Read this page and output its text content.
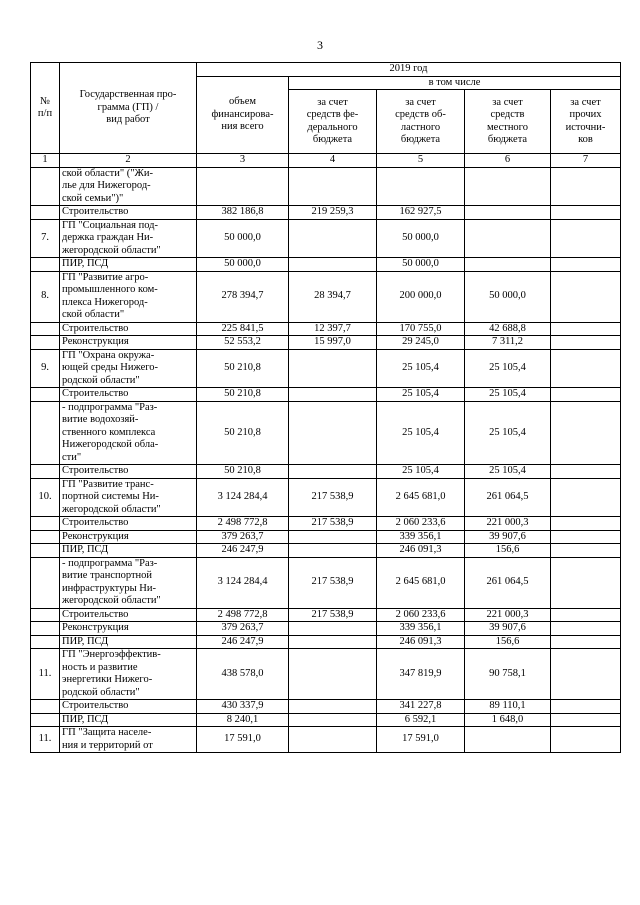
3
№
п/п	Государственная про-
грамма (ГП) /
вид работ	2019 год				
		объем
финансирова-
ния всего	в том числе			
			за счет
средств фе-
дерального
бюджета	за счет
средств об-
ластного
бюджета	за счет
средств
местного
бюджета	за счет
прочих
источни-
ков
1	2	3	4	5	6	7
	ской области" ("Жи-
лье для Нижегород-
ской семьи")"					
	Строительство	382 186,8	219 259,3	162 927,5		
7.	ГП "Социальная под-
держка граждан Ни-
жегородской области"	50 000,0		50 000,0		
	ПИР, ПСД	50 000,0		50 000,0		
8.	ГП "Развитие агро-
промышленного ком-
плекса Нижегород-
ской области"	278 394,7	28 394,7	200 000,0	50 000,0	
	Строительство	225 841,5	12 397,7	170 755,0	42 688,8	
	Реконструкция	52 553,2	15 997,0	29 245,0	7 311,2	
9.	ГП "Охрана окружа-
ющей среды Нижего-
родской области"	50 210,8		25 105,4	25 105,4	
	Строительство	50 210,8		25 105,4	25 105,4	
	- подпрограмма "Раз-
витие водохозяй-
ственного комплекса
Нижегородской обла-
сти"	50 210,8		25 105,4	25 105,4	
	Строительство	50 210,8		25 105,4	25 105,4	
10.	ГП "Развитие транс-
портной системы Ни-
жегородской области"	3 124 284,4	217 538,9	2 645 681,0	261 064,5	
	Строительство	2 498 772,8	217 538,9	2 060 233,6	221 000,3	
	Реконструкция	379 263,7		339 356,1	39 907,6	
	ПИР, ПСД	246 247,9		246 091,3	156,6	
	- подпрограмма "Раз-
витие транспортной
инфраструктуры Ни-
жегородской области"	3 124 284,4	217 538,9	2 645 681,0	261 064,5	
	Строительство	2 498 772,8	217 538,9	2 060 233,6	221 000,3	
	Реконструкция	379 263,7		339 356,1	39 907,6	
	ПИР, ПСД	246 247,9		246 091,3	156,6	
11.	ГП "Энергоэффектив-
ность и развитие
энергетики Нижего-
родской области"	438 578,0		347 819,9	90 758,1	
	Строительство	430 337,9		341 227,8	89 110,1	
	ПИР, ПСД	8 240,1		6 592,1	1 648,0	
11.	ГП "Защита населе-
ния и территорий от	17 591,0		17 591,0		
